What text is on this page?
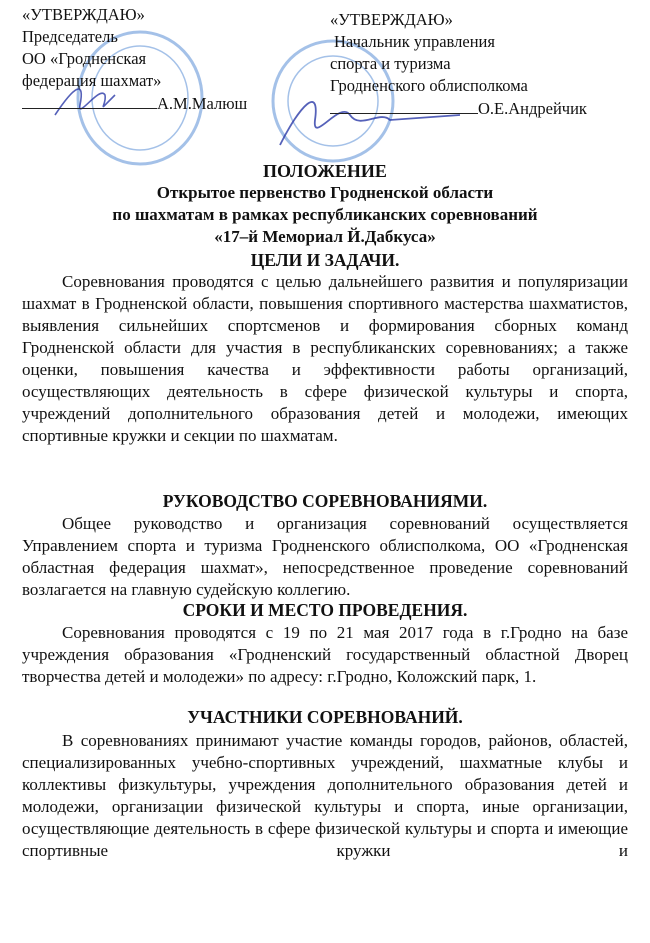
«УТВЕРЖДАЮ»
Председатель
ОО «Гродненская
федерация шахмат»
А.М.Малюш
«УТВЕРЖДАЮ»
Начальник управления
спорта и туризма
Гродненского облисполкома
О.Е.Андрейчик
ПОЛОЖЕНИЕ
Открытое первенство Гродненской области
по шахматам в рамках республиканских соревнований
«17–й Мемориал Й.Дабкуса»
ЦЕЛИ И ЗАДАЧИ.
Соревнования проводятся с целью дальнейшего развития и популяризации шахмат в Гродненской области, повышения спортивного мастерства шахматистов, выявления сильнейших спортсменов и формирования сборных команд Гродненской области для участия в республиканских соревнованиях; а также оценки, повышения качества и эффективности работы организаций, осуществляющих деятельность в сфере физической культуры и спорта, учреждений дополнительного образования детей и молодежи, имеющих спортивные кружки и секции по шахматам.
РУКОВОДСТВО СОРЕВНОВАНИЯМИ.
Общее руководство и организация соревнований осуществляется Управлением спорта и туризма Гродненского облисполкома, ОО «Гродненская областная федерация шахмат», непосредственное проведение соревнований возлагается на главную судейскую коллегию.
СРОКИ И МЕСТО ПРОВЕДЕНИЯ.
Соревнования проводятся с 19 по 21 мая 2017 года в г.Гродно на базе учреждения образования «Гродненский государственный областной Дворец творчества детей и молодежи» по адресу: г.Гродно, Коложский парк, 1.
УЧАСТНИКИ СОРЕВНОВАНИЙ.
В соревнованиях принимают участие команды городов, районов, областей, специализированных учебно-спортивных учреждений, шахматные клубы и коллективы физкультуры, учреждения дополнительного образования детей и молодежи, организации физической культуры и спорта, иные организации, осуществляющие деятельность в сфере физической культуры и спорта и имеющие спортивные кружки и
